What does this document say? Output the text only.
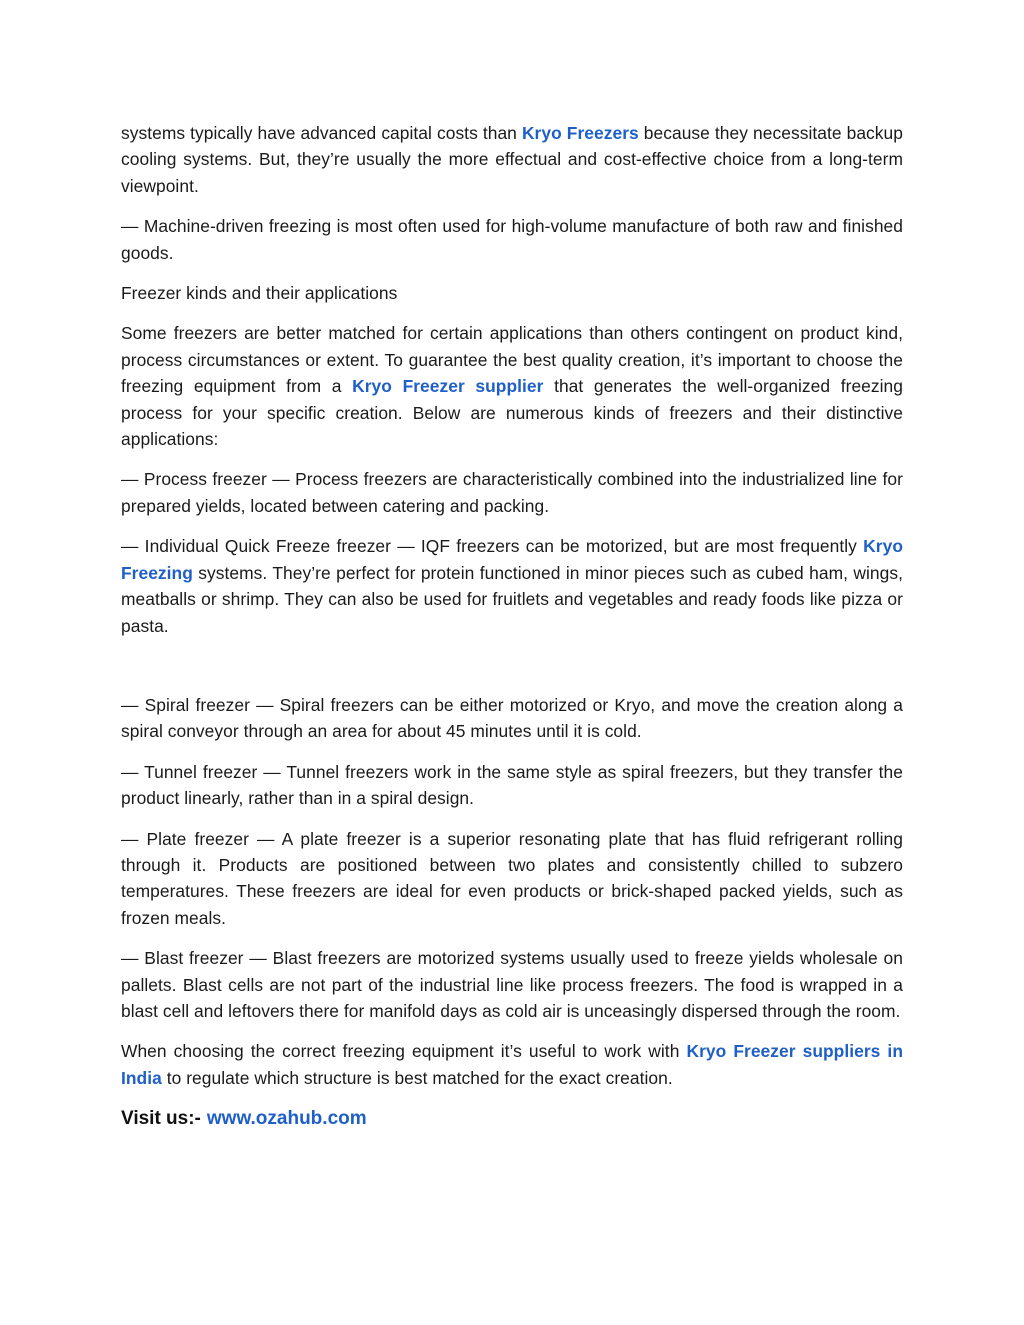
systems typically have advanced capital costs than Kryo Freezers because they necessitate backup cooling systems. But, they’re usually the more effectual and cost-effective choice from a long-term viewpoint.

— Machine-driven freezing is most often used for high-volume manufacture of both raw and finished goods.

Freezer kinds and their applications

Some freezers are better matched for certain applications than others contingent on product kind, process circumstances or extent. To guarantee the best quality creation, it’s important to choose the freezing equipment from a Kryo Freezer supplier that generates the well-organized freezing process for your specific creation. Below are numerous kinds of freezers and their distinctive applications:

— Process freezer — Process freezers are characteristically combined into the industrialized line for prepared yields, located between catering and packing.

— Individual Quick Freeze freezer — IQF freezers can be motorized, but are most frequently Kryo Freezing systems. They’re perfect for protein functioned in minor pieces such as cubed ham, wings, meatballs or shrimp. They can also be used for fruitlets and vegetables and ready foods like pizza or pasta.

— Spiral freezer — Spiral freezers can be either motorized or Kryo, and move the creation along a spiral conveyor through an area for about 45 minutes until it is cold.

— Tunnel freezer — Tunnel freezers work in the same style as spiral freezers, but they transfer the product linearly, rather than in a spiral design.

— Plate freezer — A plate freezer is a superior resonating plate that has fluid refrigerant rolling through it. Products are positioned between two plates and consistently chilled to subzero temperatures. These freezers are ideal for even products or brick-shaped packed yields, such as frozen meals.

— Blast freezer — Blast freezers are motorized systems usually used to freeze yields wholesale on pallets. Blast cells are not part of the industrial line like process freezers. The food is wrapped in a blast cell and leftovers there for manifold days as cold air is unceasingly dispersed through the room.

When choosing the correct freezing equipment it’s useful to work with Kryo Freezer suppliers in India to regulate which structure is best matched for the exact creation.

Visit us:- www.ozahub.com
